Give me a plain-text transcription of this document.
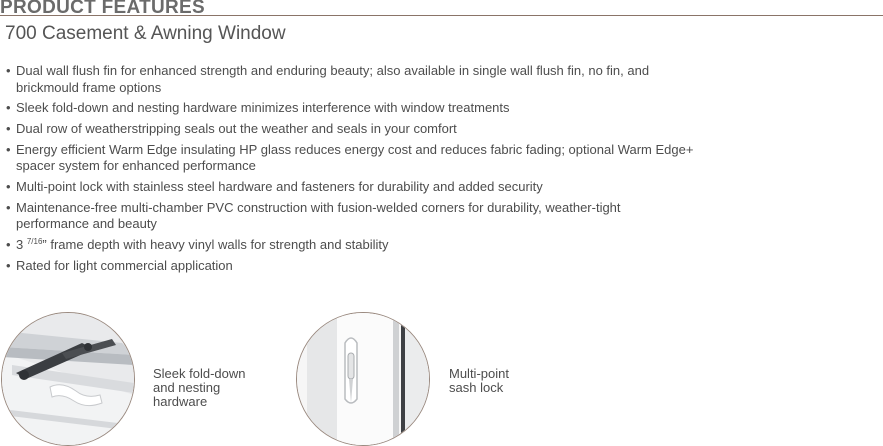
PRODUCT FEATURES
700 Casement & Awning Window
• Dual wall flush fin for enhanced strength and enduring beauty; also available in single wall flush fin, no fin, and brickmould frame options
• Sleek fold-down and nesting hardware minimizes interference with window treatments
• Dual row of weatherstripping seals out the weather and seals in your comfort
• Energy efficient Warm Edge insulating HP glass reduces energy cost and reduces fabric fading; optional Warm Edge+ spacer system for enhanced performance
• Multi-point lock with stainless steel hardware and fasteners for durability and added security
• Maintenance-free multi-chamber PVC construction with fusion-welded corners for durability, weather-tight performance and beauty
• 3 $^{7/16}$” frame depth with heavy vinyl walls for strength and stability
• Rated for light commercial application
Sleek fold-down
and nesting
hardware
Multi-point
sash lock
